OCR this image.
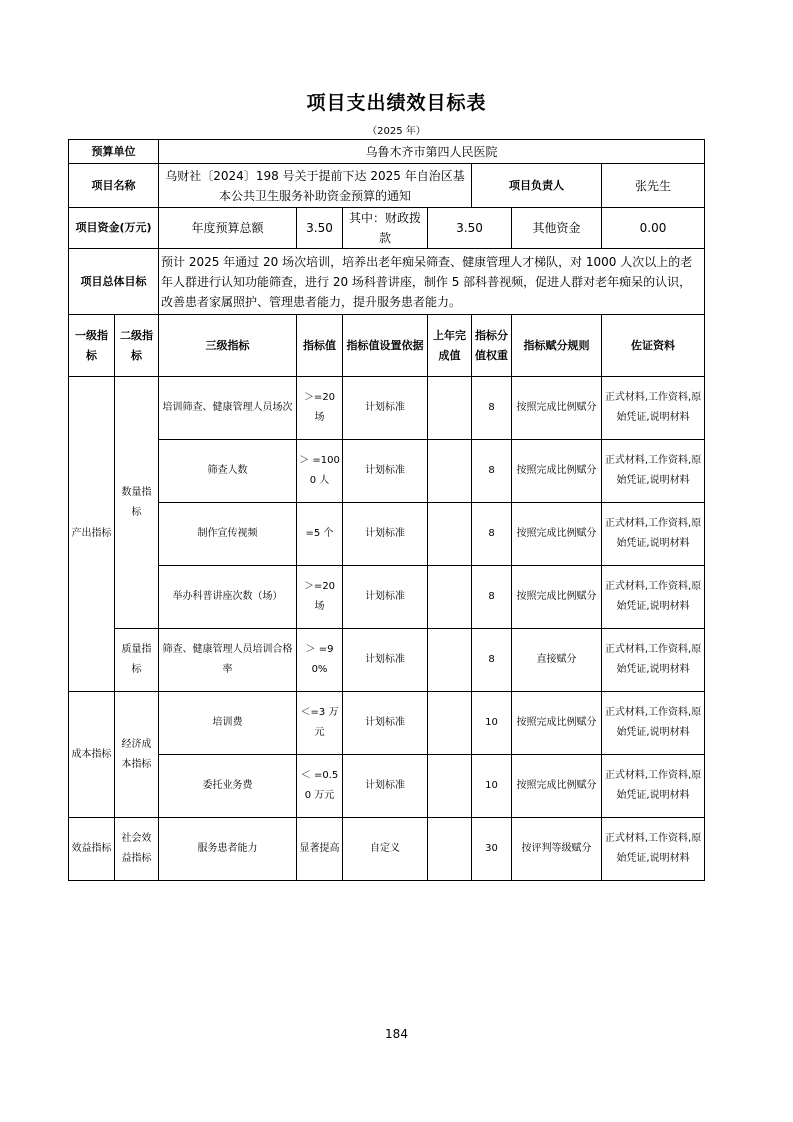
项目支出绩效目标表
（2025 年）
预算单位		乌鲁木齐市第四人民医院						
项目名称		乌财社〔2024〕198 号关于提前下达 2025 年自治区基本公共卫生服务补助资金预算的通知				项目负责人		张先生
项目资金(万元)		年度预算总额	3.50	其中：财政拨款	3.50		其他资金	0.00
项目总体目标		预计 2025 年通过 20 场次培训，培养出老年痴呆筛查、健康管理人才梯队，对 1000 人次以上的老年人群进行认知功能筛查，进行 20 场科普讲座，制作 5 部科普视频，促进人群对老年痴呆的认识，改善患者家属照护、管理患者能力，提升服务患者能力。						
一级指标	二级指标	三级指标	指标值	指标值设置依据	上年完成值	指标分值权重	指标赋分规则	佐证资料
产出指标	数量指标	培训筛查、健康管理人员场次	＞=20 场	计划标准		8	按照完成比例赋分	正式材料,工作资料,原始凭证,说明材料
		筛查人数	＞ =1000 人	计划标准		8	按照完成比例赋分	正式材料,工作资料,原始凭证,说明材料
		制作宣传视频	=5 个	计划标准		8	按照完成比例赋分	正式材料,工作资料,原始凭证,说明材料
		举办科普讲座次数（场）	＞=20 场	计划标准		8	按照完成比例赋分	正式材料,工作资料,原始凭证,说明材料
	质量指标	筛查、健康管理人员培训合格率	＞ =90%	计划标准		8	直接赋分	正式材料,工作资料,原始凭证,说明材料
成本指标	经济成本指标	培训费	＜=3 万元	计划标准		10	按照完成比例赋分	正式材料,工作资料,原始凭证,说明材料
		委托业务费	＜ =0.50 万元	计划标准		10	按照完成比例赋分	正式材料,工作资料,原始凭证,说明材料
效益指标	社会效益指标	服务患者能力	显著提高	自定义		30	按评判等级赋分	正式材料,工作资料,原始凭证,说明材料
184
